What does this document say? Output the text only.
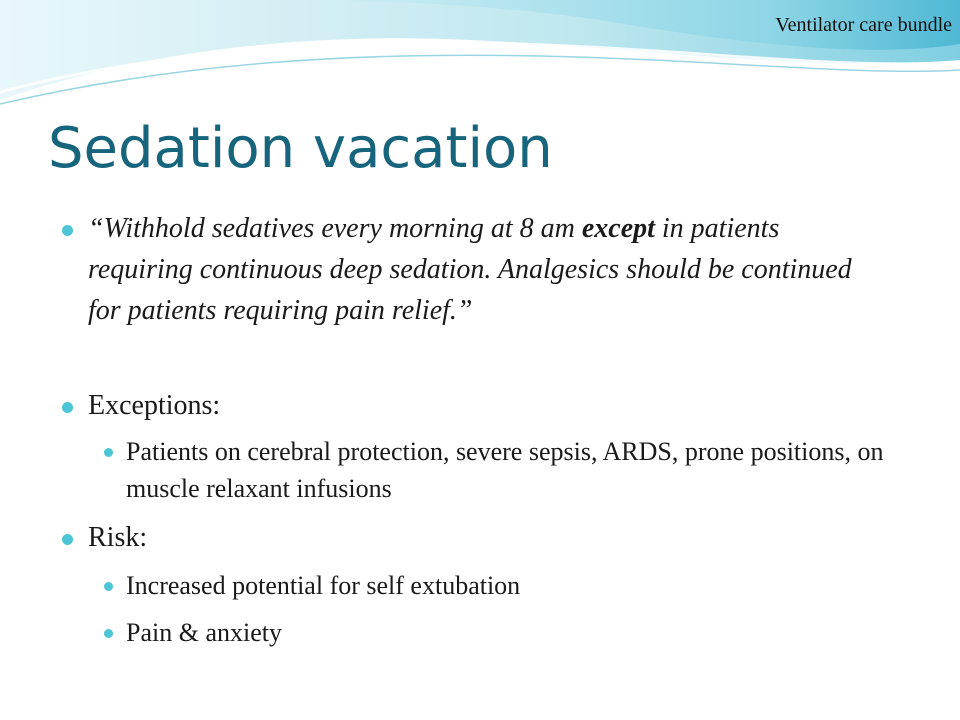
Ventilator care bundle
Sedation vacation
“Withhold sedatives every morning at 8 am except in patients requiring continuous deep sedation. Analgesics should be continued for patients requiring pain relief.”
Exceptions:
Patients on cerebral protection, severe sepsis, ARDS, prone positions, on muscle relaxant infusions
Risk:
Increased potential for self extubation
Pain & anxiety
